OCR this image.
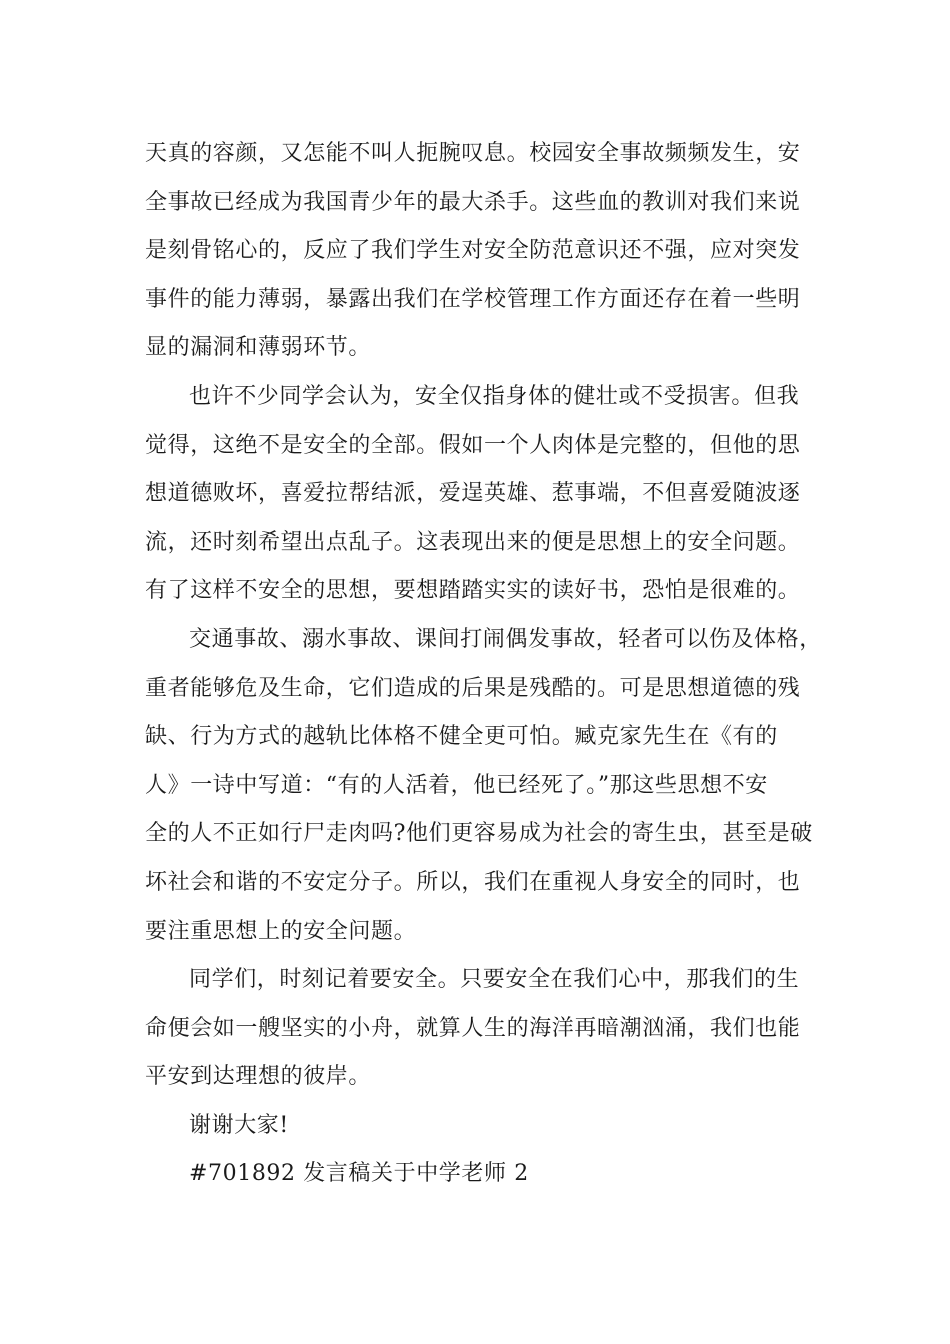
天真的容颜，又怎能不叫人扼腕叹息。校园安全事故频频发生，安
全事故已经成为我国青少年的最大杀手。这些血的教训对我们来说
是刻骨铭心的，反应了我们学生对安全防范意识还不强，应对突发
事件的能力薄弱，暴露出我们在学校管理工作方面还存在着一些明
显的漏洞和薄弱环节。
也许不少同学会认为，安全仅指身体的健壮或不受损害。但我
觉得，这绝不是安全的全部。假如一个人肉体是完整的，但他的思
想道德败坏，喜爱拉帮结派，爱逞英雄、惹事端，不但喜爱随波逐
流，还时刻希望出点乱子。这表现出来的便是思想上的安全问题。
有了这样不安全的思想，要想踏踏实实的读好书，恐怕是很难的。
交通事故、溺水事故、课间打闹偶发事故，轻者可以伤及体格，
重者能够危及生命，它们造成的后果是残酷的。可是思想道德的残
缺、行为方式的越轨比体格不健全更可怕。臧克家先生在《有的
人》一诗中写道：“有的人活着，他已经死了。”那这些思想不安
全的人不正如行尸走肉吗?他们更容易成为社会的寄生虫，甚至是破
坏社会和谐的不安定分子。所以，我们在重视人身安全的同时，也
要注重思想上的安全问题。
同学们，时刻记着要安全。只要安全在我们心中，那我们的生
命便会如一艘坚实的小舟，就算人生的海洋再暗潮汹涌，我们也能
平安到达理想的彼岸。

谢谢大家!

#701892 发言稿关于中学老师 2
